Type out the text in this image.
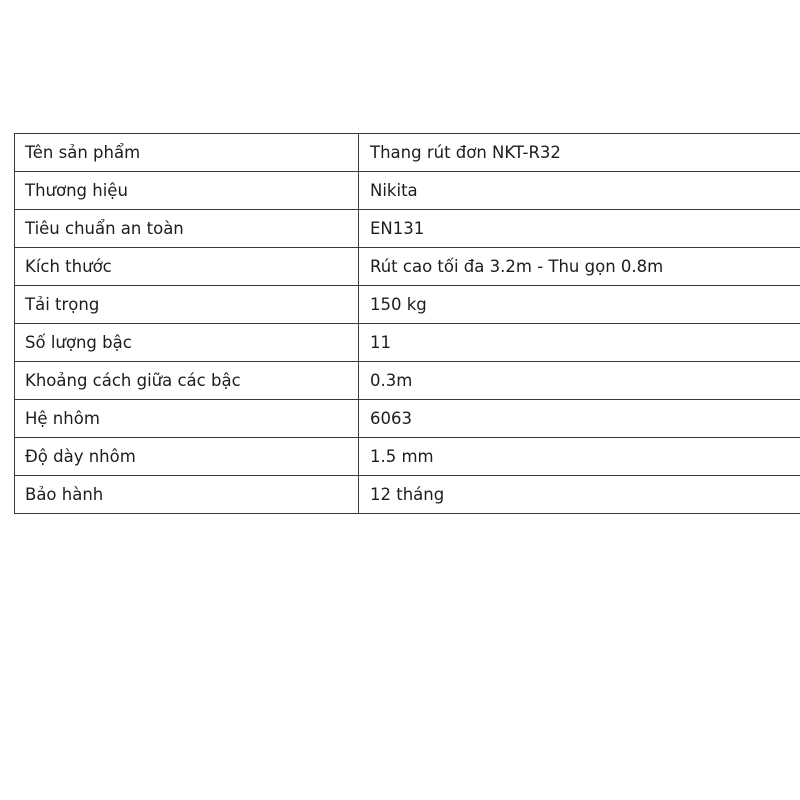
Tên sản phẩm	Thang rút đơn NKT-R32
Thương hiệu	Nikita
Tiêu chuẩn an toàn	EN131
Kích thước	Rút cao tối đa 3.2m - Thu gọn 0.8m
Tải trọng	150 kg
Số lượng bậc	11
Khoảng cách giữa các bậc	0.3m
Hệ nhôm	6063
Độ dày nhôm	1.5 mm
Bảo hành	12 tháng
